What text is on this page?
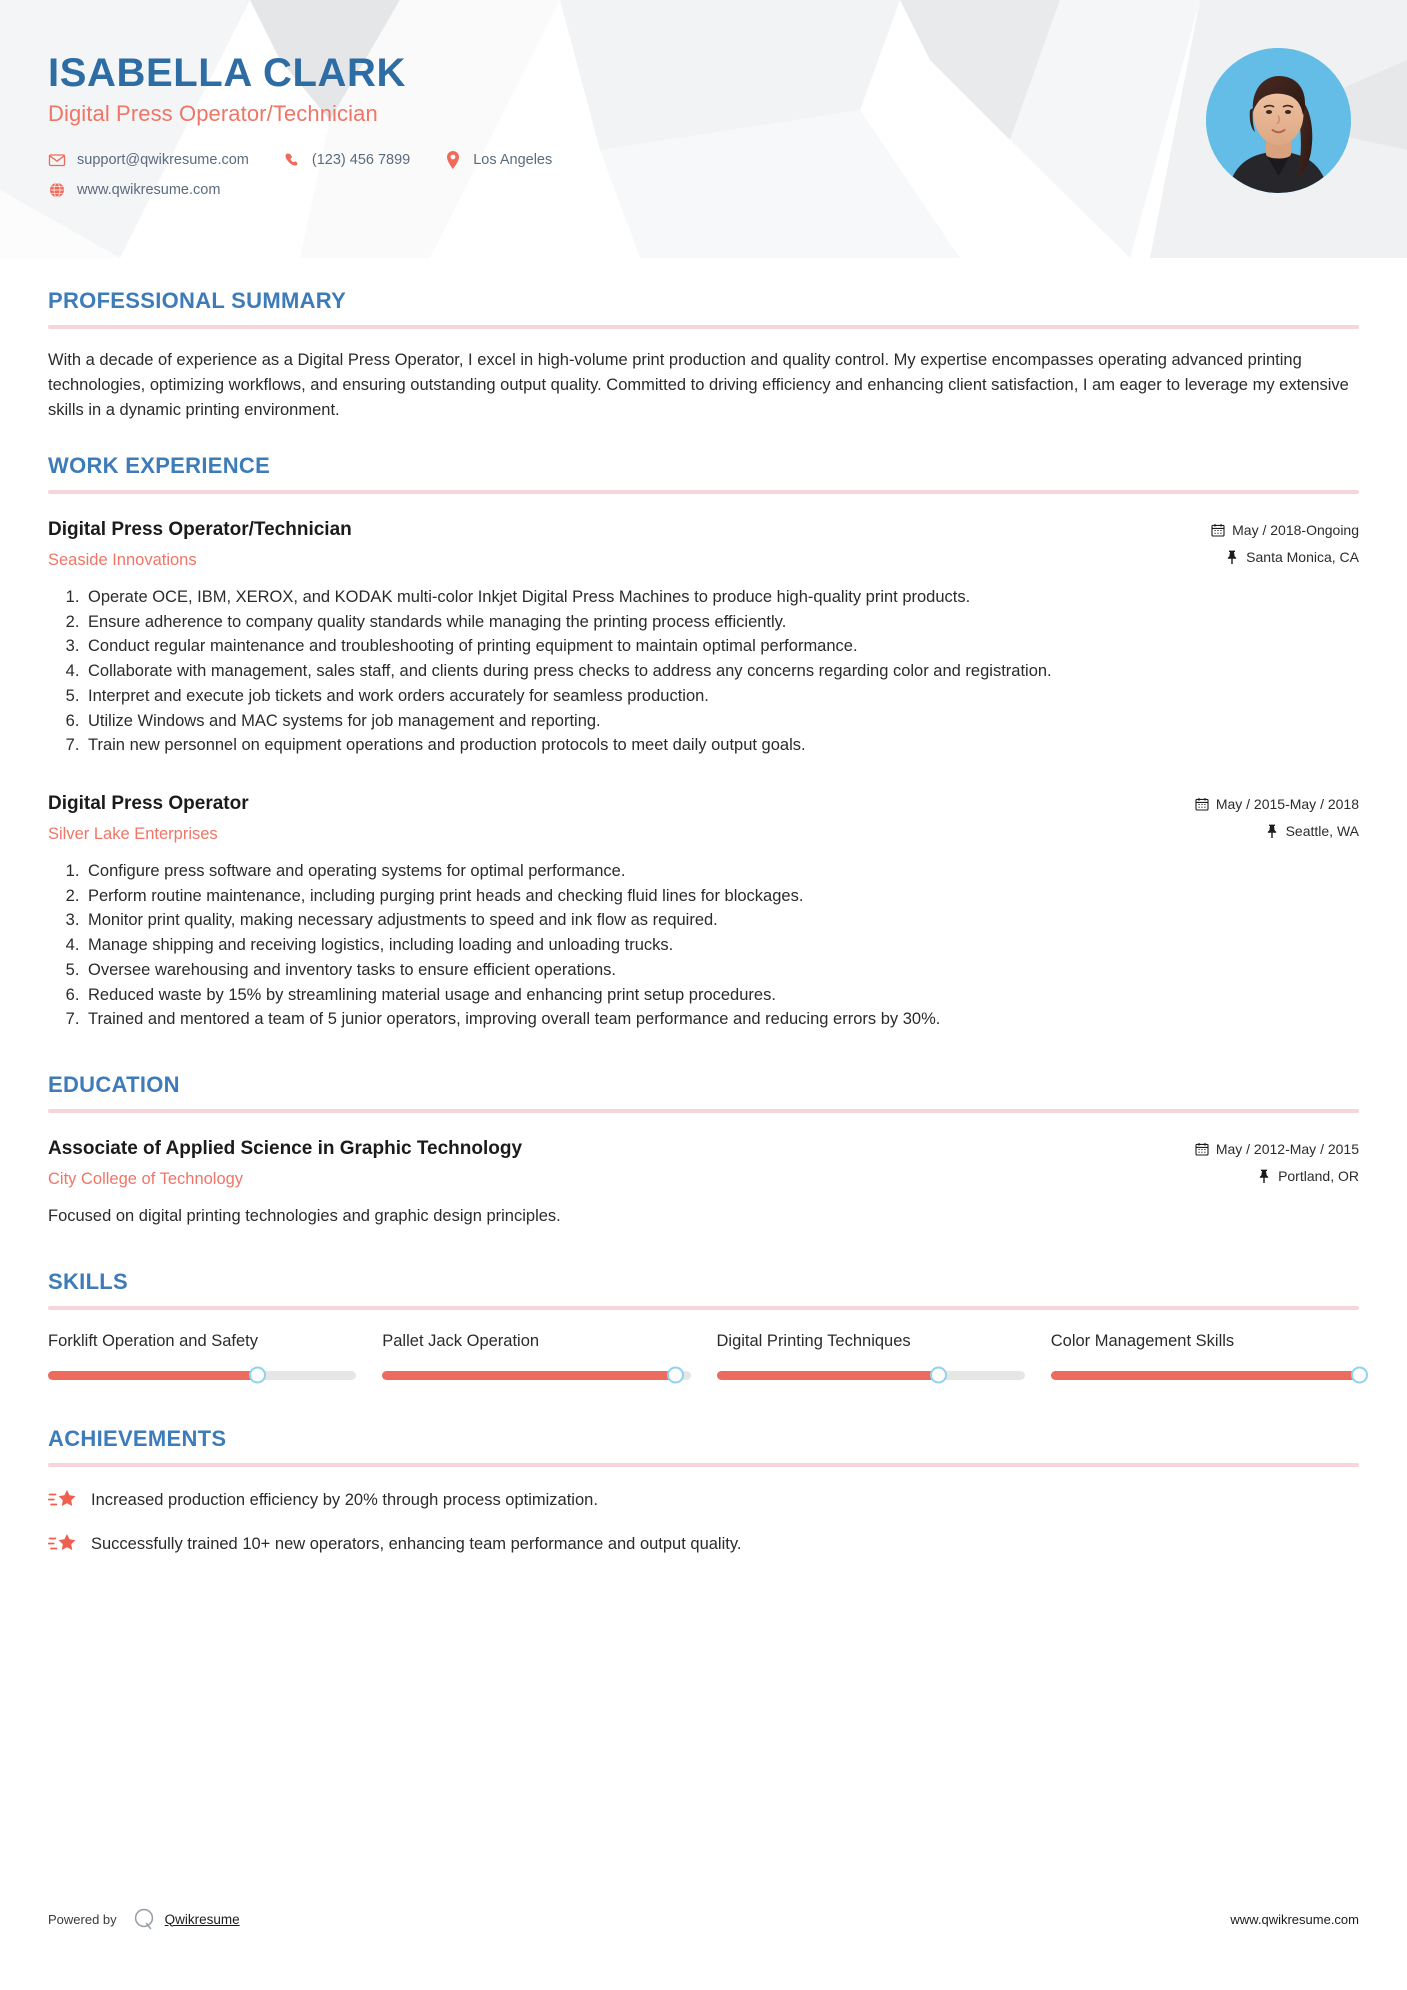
ISABELLA CLARK
Digital Press Operator/Technician
support@qwikresume.com	(123) 456 7899	Los Angeles
www.qwikresume.com
PROFESSIONAL SUMMARY

With a decade of experience as a Digital Press Operator, I excel in high-volume print production and quality control. My expertise encompasses operating advanced printing technologies, optimizing workflows, and ensuring outstanding output quality. Committed to driving efficiency and enhancing client satisfaction, I am eager to leverage my extensive skills in a dynamic printing environment.

WORK EXPERIENCE
Digital Press Operator/Technician
Seaside Innovations
May / 2018-Ongoing
Santa Monica, CA
1. Operate OCE, IBM, XEROX, and KODAK multi-color Inkjet Digital Press Machines to produce high-quality print products.
2. Ensure adherence to company quality standards while managing the printing process efficiently.
3. Conduct regular maintenance and troubleshooting of printing equipment to maintain optimal performance.
4. Collaborate with management, sales staff, and clients during press checks to address any concerns regarding color and registration.
5. Interpret and execute job tickets and work orders accurately for seamless production.
6. Utilize Windows and MAC systems for job management and reporting.
7. Train new personnel on equipment operations and production protocols to meet daily output goals.
Digital Press Operator
Silver Lake Enterprises
May / 2015-May / 2018
Seattle, WA
1. Configure press software and operating systems for optimal performance.
2. Perform routine maintenance, including purging print heads and checking fluid lines for blockages.
3. Monitor print quality, making necessary adjustments to speed and ink flow as required.
4. Manage shipping and receiving logistics, including loading and unloading trucks.
5. Oversee warehousing and inventory tasks to ensure efficient operations.
6. Reduced waste by 15% by streamlining material usage and enhancing print setup procedures.
7. Trained and mentored a team of 5 junior operators, improving overall team performance and reducing errors by 30%.
EDUCATION
Associate of Applied Science in Graphic Technology
City College of Technology
May / 2012-May / 2015
Portland, OR
Focused on digital printing technologies and graphic design principles.
SKILLS
Forklift Operation and Safety	Pallet Jack Operation	Digital Printing Techniques	Color Management Skills
ACHIEVEMENTS
Increased production efficiency by 20% through process optimization.
Successfully trained 10+ new operators, enhancing team performance and output quality.
Powered by	Qwikresume	www.qwikresume.com
